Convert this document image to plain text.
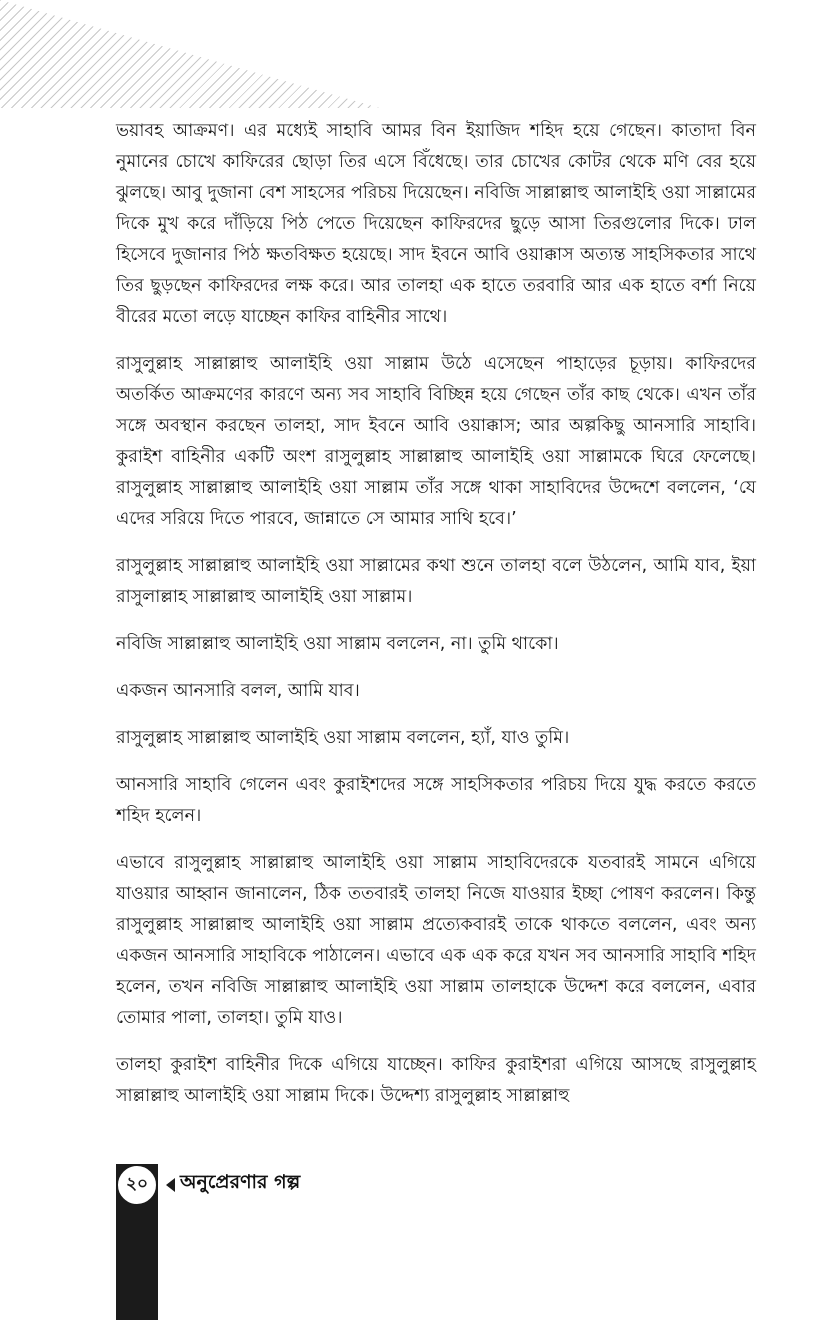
ভয়াবহ আক্রমণ। এর মধ্যেই সাহাবি আমর বিন ইয়াজিদ শহিদ হয়ে গেছেন। কাতাদা বিন নুমানের চোখে কাফিরের ছোড়া তির এসে বিঁধেছে। তার চোখের কোটর থেকে মণি বের হয়ে ঝুলছে। আবু দুজানা বেশ সাহসের পরিচয় দিয়েছেন। নবিজি সাল্লাল্লাহু আলাইহি ওয়া সাল্লামের দিকে মুখ করে দাঁড়িয়ে পিঠ পেতে দিয়েছেন কাফিরদের ছুড়ে আসা তিরগুলোর দিকে। ঢাল হিসেবে দুজানার পিঠ ক্ষতবিক্ষত হয়েছে। সাদ ইবনে আবি ওয়াক্কাস অত্যন্ত সাহসিকতার সাথে তির ছুড়ছেন কাফিরদের লক্ষ করে। আর তালহা এক হাতে তরবারি আর এক হাতে বর্শা নিয়ে বীরের মতো লড়ে যাচ্ছেন কাফির বাহিনীর সাথে।

রাসুলুল্লাহ সাল্লাল্লাহু আলাইহি ওয়া সাল্লাম উঠে এসেছেন পাহাড়ের চূড়ায়। কাফিরদের অতর্কিত আক্রমণের কারণে অন্য সব সাহাবি বিচ্ছিন্ন হয়ে গেছেন তাঁর কাছ থেকে। এখন তাঁর সঙ্গে অবস্থান করছেন তালহা, সাদ ইবনে আবি ওয়াক্কাস; আর অল্পকিছু আনসারি সাহাবি। কুরাইশ বাহিনীর একটি অংশ রাসুলুল্লাহ সাল্লাল্লাহু আলাইহি ওয়া সাল্লামকে ঘিরে ফেলেছে। রাসুলুল্লাহ সাল্লাল্লাহু আলাইহি ওয়া সাল্লাম তাঁর সঙ্গে থাকা সাহাবিদের উদ্দেশে বললেন, ‘যে এদের সরিয়ে দিতে পারবে, জান্নাতে সে আমার সাথি হবে।’

রাসুলুল্লাহ সাল্লাল্লাহু আলাইহি ওয়া সাল্লামের কথা শুনে তালহা বলে উঠলেন, আমি যাব, ইয়া রাসুলাল্লাহ সাল্লাল্লাহু আলাইহি ওয়া সাল্লাম।

নবিজি সাল্লাল্লাহু আলাইহি ওয়া সাল্লাম বললেন, না। তুমি থাকো।

একজন আনসারি বলল, আমি যাব।

রাসুলুল্লাহ সাল্লাল্লাহু আলাইহি ওয়া সাল্লাম বললেন, হ্যাঁ, যাও তুমি।

আনসারি সাহাবি গেলেন এবং কুরাইশদের সঙ্গে সাহসিকতার পরিচয় দিয়ে যুদ্ধ করতে করতে শহিদ হলেন।

এভাবে রাসুলুল্লাহ সাল্লাল্লাহু আলাইহি ওয়া সাল্লাম সাহাবিদেরকে যতবারই সামনে এগিয়ে যাওয়ার আহ্বান জানালেন, ঠিক ততবারই তালহা নিজে যাওয়ার ইচ্ছা পোষণ করলেন। কিন্তু রাসুলুল্লাহ সাল্লাল্লাহু আলাইহি ওয়া সাল্লাম প্রত্যেকবারই তাকে থাকতে বললেন, এবং অন্য একজন আনসারি সাহাবিকে পাঠালেন। এভাবে এক এক করে যখন সব আনসারি সাহাবি শহিদ হলেন, তখন নবিজি সাল্লাল্লাহু আলাইহি ওয়া সাল্লাম তালহাকে উদ্দেশ করে বললেন, এবার তোমার পালা, তালহা। তুমি যাও।

তালহা কুরাইশ বাহিনীর দিকে এগিয়ে যাচ্ছেন। কাফির কুরাইশরা এগিয়ে আসছে রাসুলুল্লাহ সাল্লাল্লাহু আলাইহি ওয়া সাল্লাম দিকে। উদ্দেশ্য রাসুলুল্লাহ সাল্লাল্লাহু

২০	অনুপ্রেরণার গল্প
